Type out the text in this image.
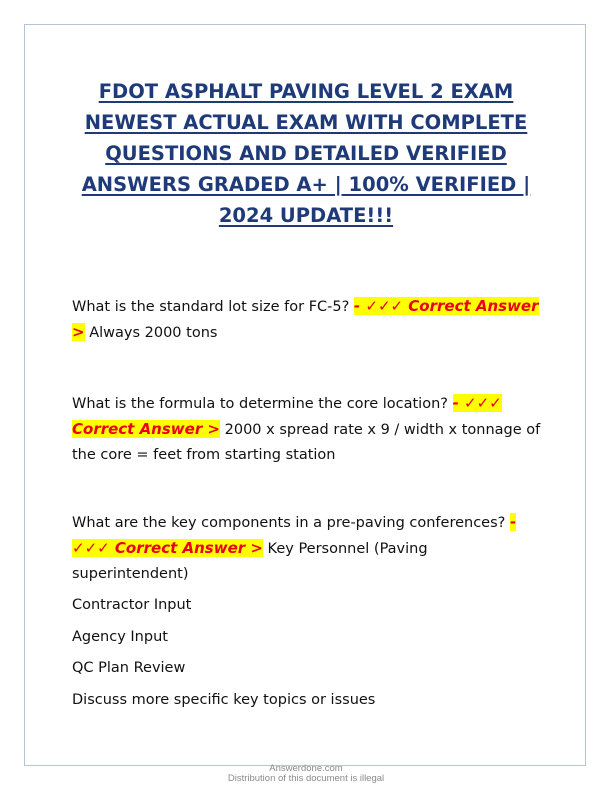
FDOT ASPHALT PAVING LEVEL 2 EXAM
NEWEST ACTUAL EXAM WITH COMPLETE
QUESTIONS AND DETAILED VERIFIED
ANSWERS GRADED A+ | 100% VERIFIED |
2024 UPDATE!!!

What is the standard lot size for FC-5? - ✓✓✓ Correct Answer > Always 2000 tons

What is the formula to determine the core location? - ✓✓✓ Correct Answer > 2000 x spread rate x 9 / width x tonnage of the core = feet from starting station

What are the key components in a pre-paving conferences? - ✓✓✓ Correct Answer > Key Personnel (Paving superintendent)

Contractor Input

Agency Input

QC Plan Review

Discuss more specific key topics or issues

Answerdone.com
Distribution of this document is illegal
